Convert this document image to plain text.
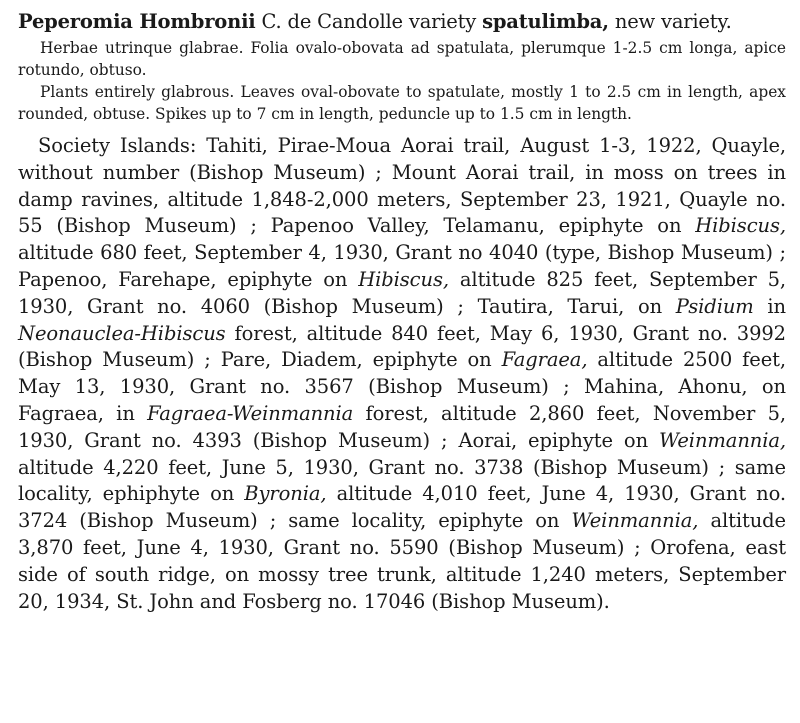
Peperomia Hombronii C. de Candolle variety spatulimba, new variety.

Herbae utrinque glabrae. Folia ovalo-obovata ad spatulata, plerumque 1-2.5 cm longa, apice rotundo, obtuso.

Plants entirely glabrous. Leaves oval-obovate to spatulate, mostly 1 to 2.5 cm in length, apex rounded, obtuse. Spikes up to 7 cm in length, peduncle up to 1.5 cm in length.

Society Islands: Tahiti, Pirae-Moua Aorai trail, August 1-3, 1922, Quayle, without number (Bishop Museum) ; Mount Aorai trail, in moss on trees in damp ravines, altitude 1,848-2,000 meters, September 23, 1921, Quayle no. 55 (Bishop Museum) ; Papenoo Valley, Telamanu, epiphyte on Hibiscus, altitude 680 feet, September 4, 1930, Grant no 4040 (type, Bishop Museum) ; Papenoo, Farehape, epiphyte on Hibiscus, altitude 825 feet, September 5, 1930, Grant no. 4060 (Bishop Museum) ; Tautira, Tarui, on Psidium in Neonauclea-Hibiscus forest, altitude 840 feet, May 6, 1930, Grant no. 3992 (Bishop Museum) ; Pare, Diadem, epiphyte on Fagraea, altitude 2500 feet, May 13, 1930, Grant no. 3567 (Bishop Museum) ; Mahina, Ahonu, on Fagraea, in Fagraea-Weinmannia forest, altitude 2,860 feet, November 5, 1930, Grant no. 4393 (Bishop Museum) ; Aorai, epiphyte on Weinmannia, altitude 4,220 feet, June 5, 1930, Grant no. 3738 (Bishop Museum) ; same locality, ephiphyte on Byronia, altitude 4,010 feet, June 4, 1930, Grant no. 3724 (Bishop Museum) ; same locality, epiphyte on Weinmannia, altitude 3,870 feet, June 4, 1930, Grant no. 5590 (Bishop Museum) ; Orofena, east side of south ridge, on mossy tree trunk, altitude 1,240 meters, September 20, 1934, St. John and Fosberg no. 17046 (Bishop Museum).
